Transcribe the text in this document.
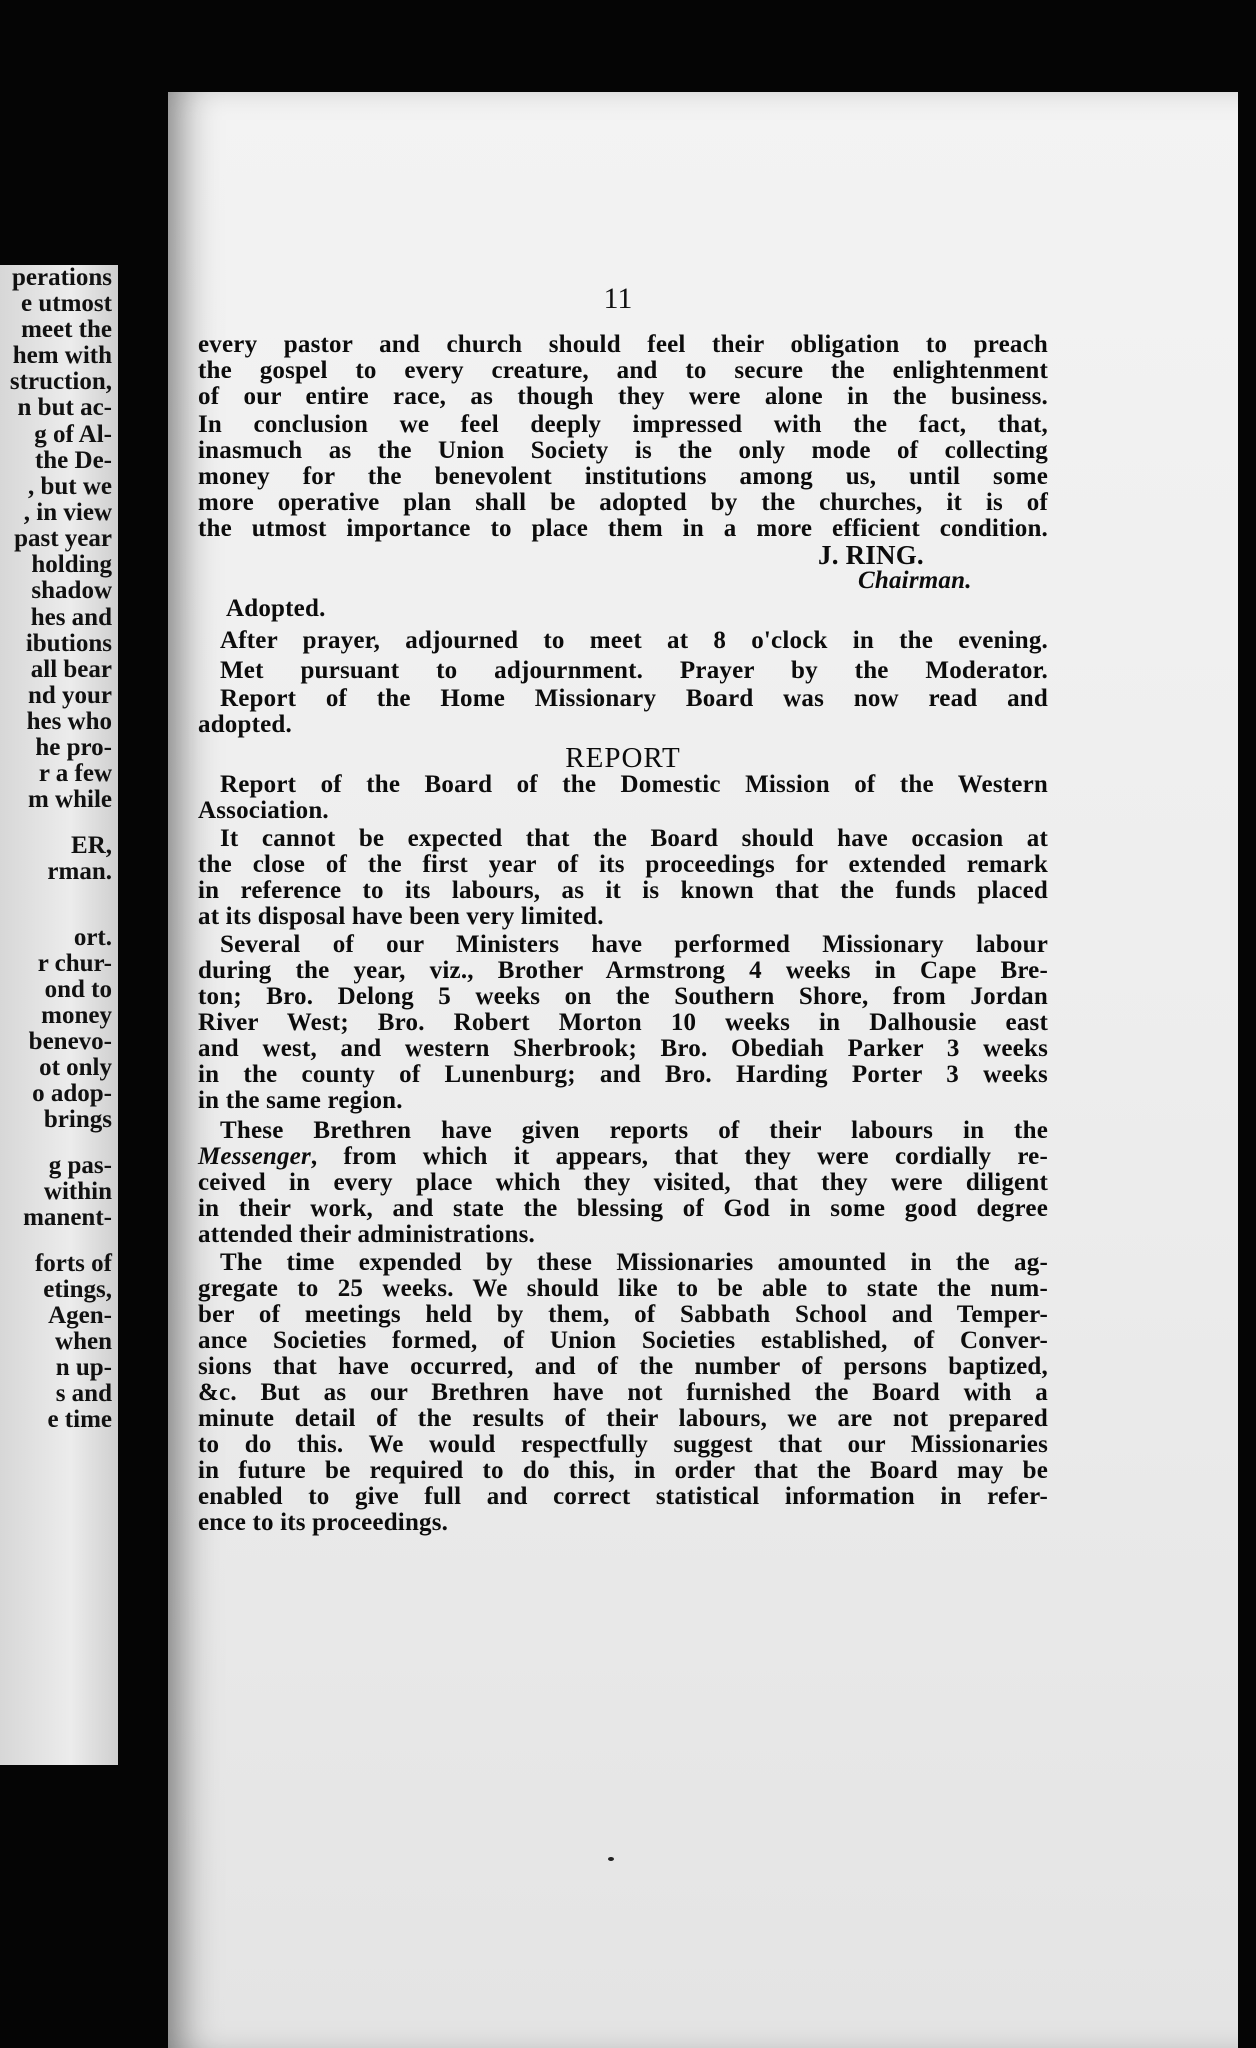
perations
e utmost
meet the
hem with
struction,
n but ac-
g of Al-
the De-
, but we
, in view
past year
holding
shadow
hes and
ibutions
all bear
nd your
hes who
he pro-
r a few
m while
ER,
rman.
ort.
r chur-
ond to
money
benevo-
ot only
o adop-
brings
g pas-
within
manent-
forts of
etings,
Agen-
when
n up-
s and
e time
11
every pastor and church should feel their obligation to preach
the gospel to every creature, and to secure the enlightenment
of our entire race, as though they were alone in the business.
In conclusion we feel deeply impressed with the fact, that,
inasmuch as the Union Society is the only mode of collecting
money for the benevolent institutions among us, until some
more operative plan shall be adopted by the churches, it is of
the utmost importance to place them in a more efficient condition.
J. RING.
Chairman.
Adopted.
After prayer, adjourned to meet at 8 o'clock in the evening.
Met pursuant to adjournment. Prayer by the Moderator.
Report of the Home Missionary Board was now read and
adopted.
REPORT
Report of the Board of the Domestic Mission of the Western
Association.
It cannot be expected that the Board should have occasion at
the close of the first year of its proceedings for extended remark
in reference to its labours, as it is known that the funds placed
at its disposal have been very limited.
Several of our Ministers have performed Missionary labour
during the year, viz., Brother Armstrong 4 weeks in Cape Bre-
ton; Bro. Delong 5 weeks on the Southern Shore, from Jordan
River West; Bro. Robert Morton 10 weeks in Dalhousie east
and west, and western Sherbrook; Bro. Obediah Parker 3 weeks
in the county of Lunenburg; and Bro. Harding Porter 3 weeks
in the same region.
These Brethren have given reports of their labours in the
Messenger, from which it appears, that they were cordially re-
ceived in every place which they visited, that they were diligent
in their work, and state the blessing of God in some good degree
attended their administrations.
The time expended by these Missionaries amounted in the ag-
gregate to 25 weeks. We should like to be able to state the num-
ber of meetings held by them, of Sabbath School and Temper-
ance Societies formed, of Union Societies established, of Conver-
sions that have occurred, and of the number of persons baptized,
&c. But as our Brethren have not furnished the Board with a
minute detail of the results of their labours, we are not prepared
to do this. We would respectfully suggest that our Missionaries
in future be required to do this, in order that the Board may be
enabled to give full and correct statistical information in refer-
ence to its proceedings.
